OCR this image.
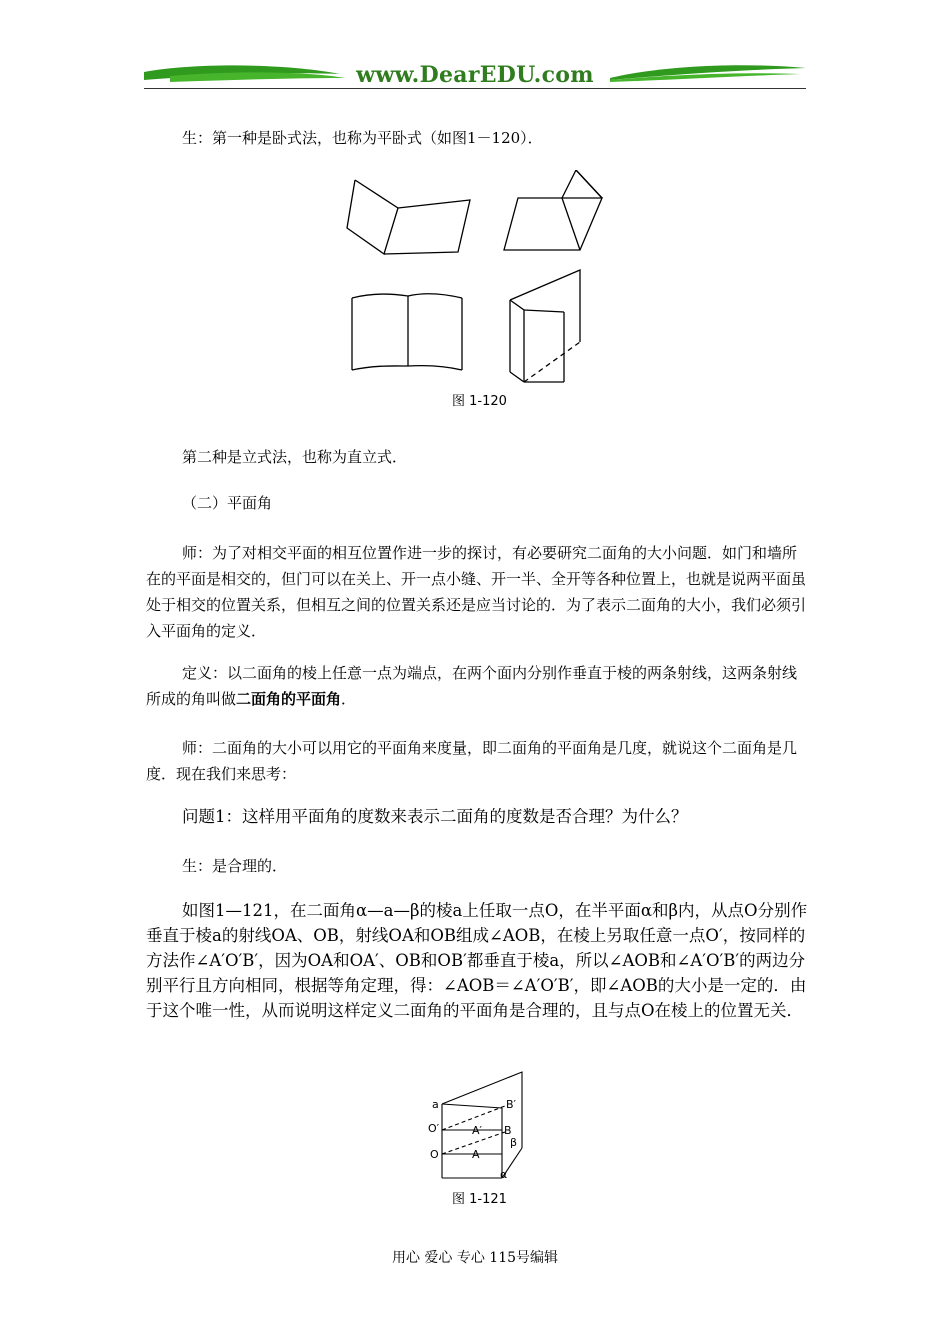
www.DearEDU.com

生：第一种是卧式法，也称为平卧式（如图1－120）．

图 1-120

第二种是立式法，也称为直立式．

（二）平面角

师：为了对相交平面的相互位置作进一步的探讨，有必要研究二面角的大小问题．如门和墙所在的平面是相交的，但门可以在关上、开一点小缝、开一半、全开等各种位置上，也就是说两平面虽处于相交的位置关系，但相互之间的位置关系还是应当讨论的．为了表示二面角的大小，我们必须引入平面角的定义．

定义：以二面角的棱上任意一点为端点，在两个面内分别作垂直于棱的两条射线，这两条射线所成的角叫做二面角的平面角．

师：二面角的大小可以用它的平面角来度量，即二面角的平面角是几度，就说这个二面角是几度．现在我们来思考：

问题1：这样用平面角的度数来表示二面角的度数是否合理？为什么？

生：是合理的．

如图1—121，在二面角α—a—β的棱a上任取一点O，在半平面α和β内，从点O分别作垂直于棱a的射线OA、OB，射线OA和OB组成∠AOB，在棱上另取任意一点O′，按同样的方法作∠A′O′B′，因为OA和OA′、OB和OB′都垂直于棱a，所以∠AOB和∠A′O′B′的两边分别平行且方向相同，根据等角定理，得：∠AOB＝∠A′O′B′，即∠AOB的大小是一定的．由于这个唯一性，从而说明这样定义二面角的平面角是合理的，且与点O在棱上的位置无关．

a	B′
O′	A′ B
β
O	A
α
图 1-121
用心 爱心 专心 115号编辑
